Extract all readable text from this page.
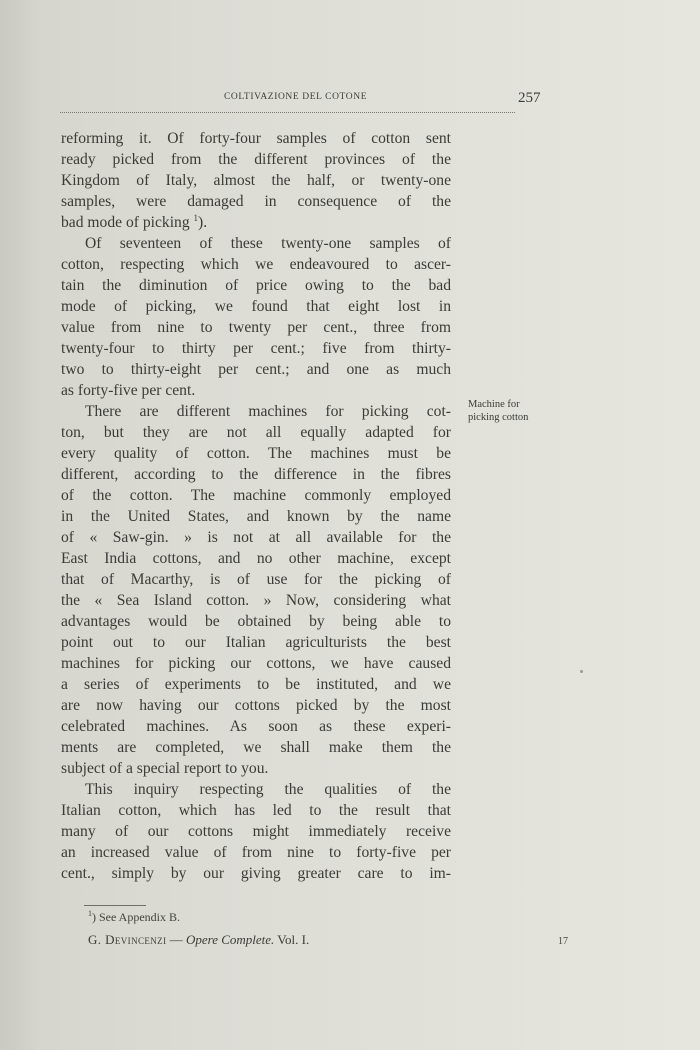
COLTIVAZIONE DEL COTONE	257
reforming it. Of forty-four samples of cotton sent
ready picked from the different provinces of the
Kingdom of Italy, almost the half, or twenty-one
samples, were damaged in consequence of the
bad mode of picking $^1$).
Of seventeen of these twenty-one samples of
cotton, respecting which we endeavoured to ascer-
tain the diminution of price owing to the bad
mode of picking, we found that eight lost in
value from nine to twenty per cent., three from
twenty-four to thirty per cent.; five from thirty-
two to thirty-eight per cent.; and one as much
as forty-five per cent.
There are different machines for picking cot-
ton, but they are not all equally adapted for
every quality of cotton. The machines must be
different, according to the difference in the fibres
of the cotton. The machine commonly employed
in the United States, and known by the name
of « Saw-gin. » is not at all available for the
East India cottons, and no other machine, except
that of Macarthy, is of use for the picking of
the « Sea Island cotton. » Now, considering what
advantages would be obtained by being able to
point out to our Italian agriculturists the best
machines for picking our cottons, we have caused
a series of experiments to be instituted, and we
are now having our cottons picked by the most
celebrated machines. As soon as these experi-
ments are completed, we shall make them the
subject of a special report to you.
This inquiry respecting the qualities of the
Italian cotton, which has led to the result that
many of our cottons might immediately receive
an increased value of from nine to forty-five per
cent., simply by our giving greater care to im-
Machine for
picking cotton
$^1$) See Appendix B.
G. Devincenzi — Opere Complete. Vol. I.	17
